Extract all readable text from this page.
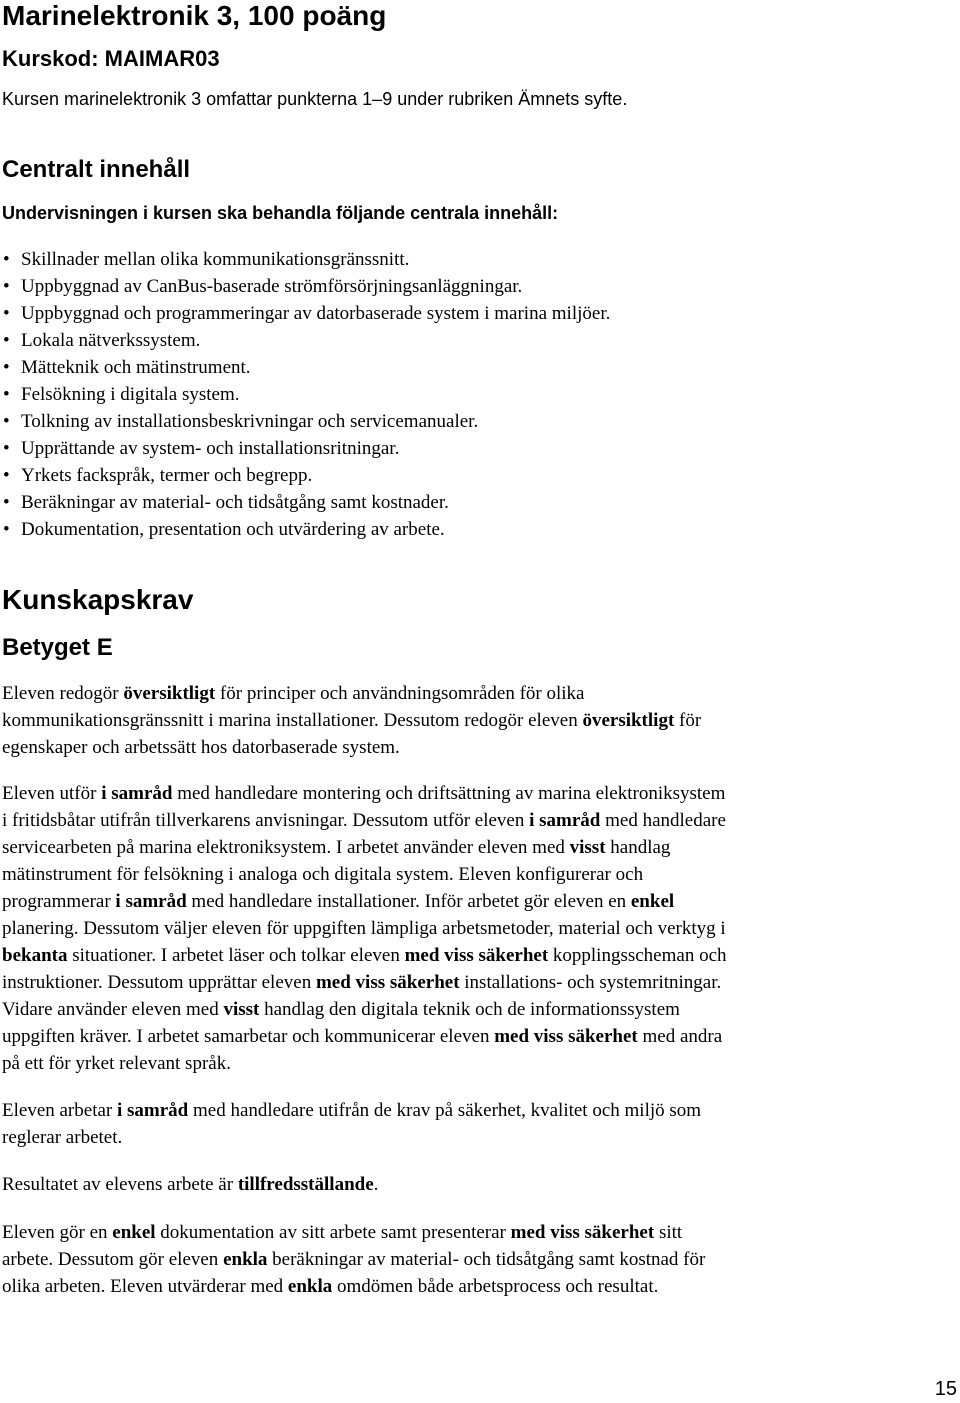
Marinelektronik 3, 100 poäng
Kurskod: MAIMAR03

Kursen marinelektronik 3 omfattar punkterna 1–9 under rubriken Ämnets syfte.

Centralt innehåll

Undervisningen i kursen ska behandla följande centrala innehåll:

• Skillnader mellan olika kommunikationsgränssnitt.
• Uppbyggnad av CanBus-baserade strömförsörjningsanläggningar.
• Uppbyggnad och programmeringar av datorbaserade system i marina miljöer.
• Lokala nätverkssystem.
• Mätteknik och mätinstrument.
• Felsökning i digitala system.
• Tolkning av installationsbeskrivningar och servicemanualer.
• Upprättande av system- och installationsritningar.
• Yrkets fackspråk, termer och begrepp.
• Beräkningar av material- och tidsåtgång samt kostnader.
• Dokumentation, presentation och utvärdering av arbete.
Kunskapskrav
Betyget E

Eleven redogör översiktligt för principer och användningsområden för olika
kommunikationsgränssnitt i marina installationer. Dessutom redogör eleven översiktligt för
egenskaper och arbetssätt hos datorbaserade system.

Eleven utför i samråd med handledare montering och driftsättning av marina elektroniksystem
i fritidsbåtar utifrån tillverkarens anvisningar. Dessutom utför eleven i samråd med handledare
servicearbeten på marina elektroniksystem. I arbetet använder eleven med visst handlag
mätinstrument för felsökning i analoga och digitala system. Eleven konfigurerar och
programmerar i samråd med handledare installationer. Inför arbetet gör eleven en enkel
planering. Dessutom väljer eleven för uppgiften lämpliga arbetsmetoder, material och verktyg i
bekanta situationer. I arbetet läser och tolkar eleven med viss säkerhet kopplingsscheman och
instruktioner. Dessutom upprättar eleven med viss säkerhet installations- och systemritningar.
Vidare använder eleven med visst handlag den digitala teknik och de informationssystem
uppgiften kräver. I arbetet samarbetar och kommunicerar eleven med viss säkerhet med andra
på ett för yrket relevant språk.

Eleven arbetar i samråd med handledare utifrån de krav på säkerhet, kvalitet och miljö som
reglerar arbetet.

Resultatet av elevens arbete är tillfredsställande.

Eleven gör en enkel dokumentation av sitt arbete samt presenterar med viss säkerhet sitt
arbete. Dessutom gör eleven enkla beräkningar av material- och tidsåtgång samt kostnad för
olika arbeten. Eleven utvärderar med enkla omdömen både arbetsprocess och resultat.

15
